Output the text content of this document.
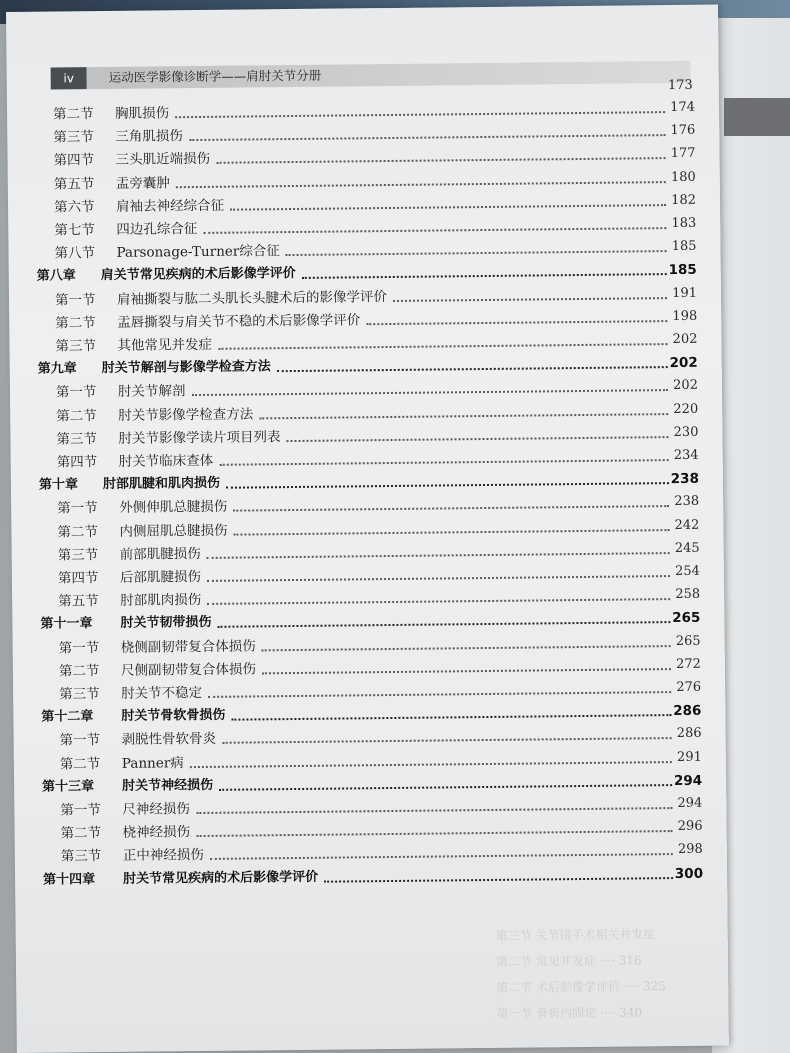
iv	运动医学影像诊断学——肩肘关节分册
173
第二节 胸肌损伤	174
第三节 三角肌损伤	176
第四节 三头肌近端损伤	177
第五节 盂旁囊肿	180
第六节 肩袖去神经综合征	182
第七节 四边孔综合征	183
第八节 Parsonage-Turner综合征	185
第八章 肩关节常见疾病的术后影像学评价	185
第一节 肩袖撕裂与肱二头肌长头腱术后的影像学评价	191
第二节 盂唇撕裂与肩关节不稳的术后影像学评价	198
第三节 其他常见并发症	202
第九章 肘关节解剖与影像学检查方法	202
第一节 肘关节解剖	202
第二节 肘关节影像学检查方法	220
第三节 肘关节影像学读片项目列表	230
第四节 肘关节临床查体	234
第十章 肘部肌腱和肌肉损伤	238
第一节 外侧伸肌总腱损伤	238
第二节 内侧屈肌总腱损伤	242
第三节 前部肌腱损伤	245
第四节 后部肌腱损伤	254
第五节 肘部肌肉损伤	258
第十一章 肘关节韧带损伤	265
第一节 桡侧副韧带复合体损伤	265
第二节 尺侧副韧带复合体损伤	272
第三节 肘关节不稳定	276
第十二章 肘关节骨软骨损伤	286
第一节 剥脱性骨软骨炎	286
第二节 Panner病	291
第十三章 肘关节神经损伤	294
第一节 尺神经损伤	294
第二节 桡神经损伤	296
第三节 正中神经损伤	298
第十四章 肘关节常见疾病的术后影像学评价	300
第三节 关节镜手术相关并发症
第二节 常见并发症 ···· 316
第二节 术后影像学评价 ···· 325
第一节 骨折内固定 ···· 340
